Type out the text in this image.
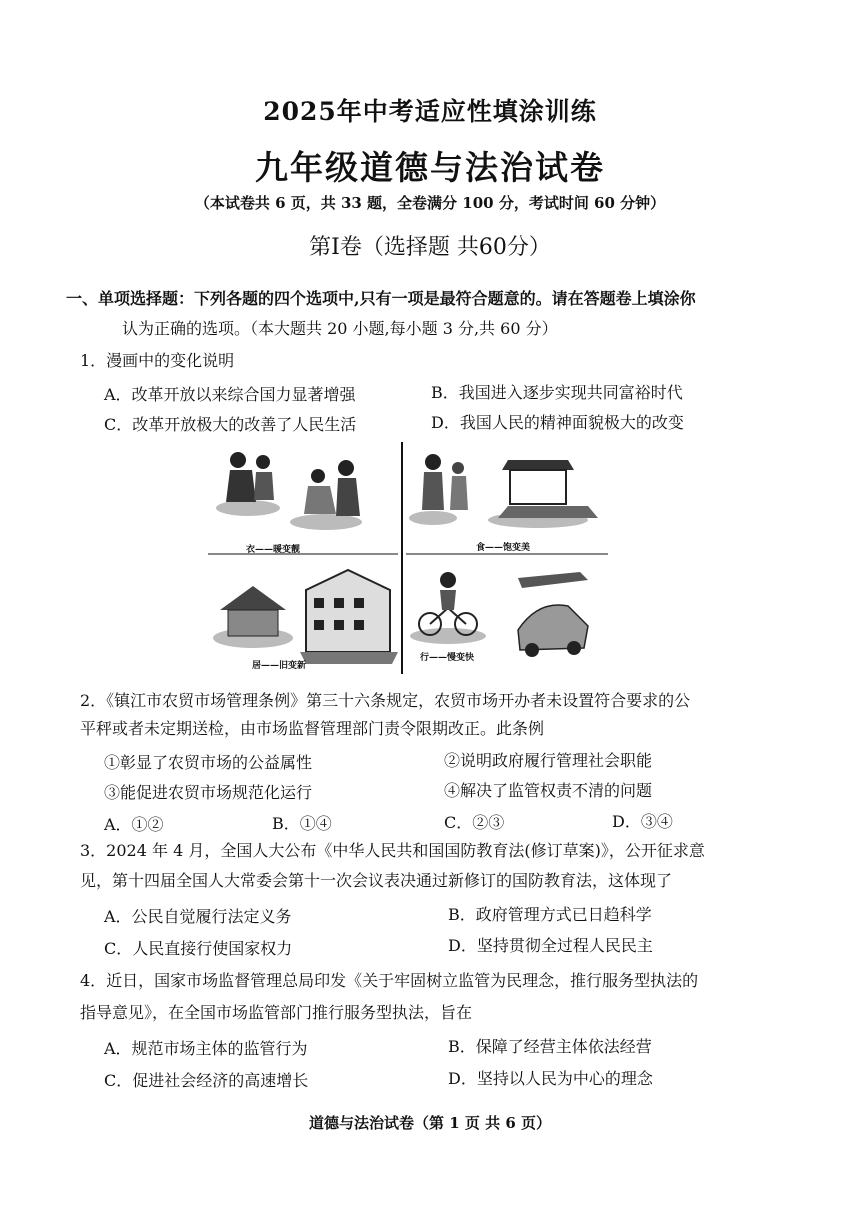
2025年中考适应性填涂训练
九年级道德与法治试卷
（本试卷共 6 页，共 33 题，全卷满分 100 分，考试时间 60 分钟）
第Ⅰ卷（选择题 共60分）
一、单项选择题：下列各题的四个选项中,只有一项是最符合题意的。请在答题卷上填涂你
认为正确的选项。（本大题共 20 小题,每小题 3 分,共 60 分）
1．漫画中的变化说明
A．改革开放以来综合国力显著增强	B．我国进入逐步实现共同富裕时代
C．改革开放极大的改善了人民生活	D．我国人民的精神面貌极大的改变
衣——暖变靓	食——饱变美
居——旧变新
行——慢变快
2．《镇江市农贸市场管理条例》第三十六条规定，农贸市场开办者未设置符合要求的公
平秤或者未定期送检，由市场监督管理部门责令限期改正。此条例
①彰显了农贸市场的公益属性	②说明政府履行管理社会职能
③能促进农贸市场规范化运行	④解决了监管权责不清的问题
A．①②	B．①④	C．②③	D．③④
3．2024 年 4 月，全国人大公布《中华人民共和国国防教育法(修订草案)》，公开征求意
见，第十四届全国人大常委会第十一次会议表决通过新修订的国防教育法，这体现了
A．公民自觉履行法定义务	B．政府管理方式已日趋科学
C．人民直接行使国家权力	D．坚持贯彻全过程人民民主
4．近日，国家市场监督管理总局印发《关于牢固树立监管为民理念，推行服务型执法的
指导意见》，在全国市场监管部门推行服务型执法，旨在
A．规范市场主体的监管行为	B．保障了经营主体依法经营
C．促进社会经济的高速增长	D．坚持以人民为中心的理念
道德与法治试卷（第 1 页 共 6 页）
